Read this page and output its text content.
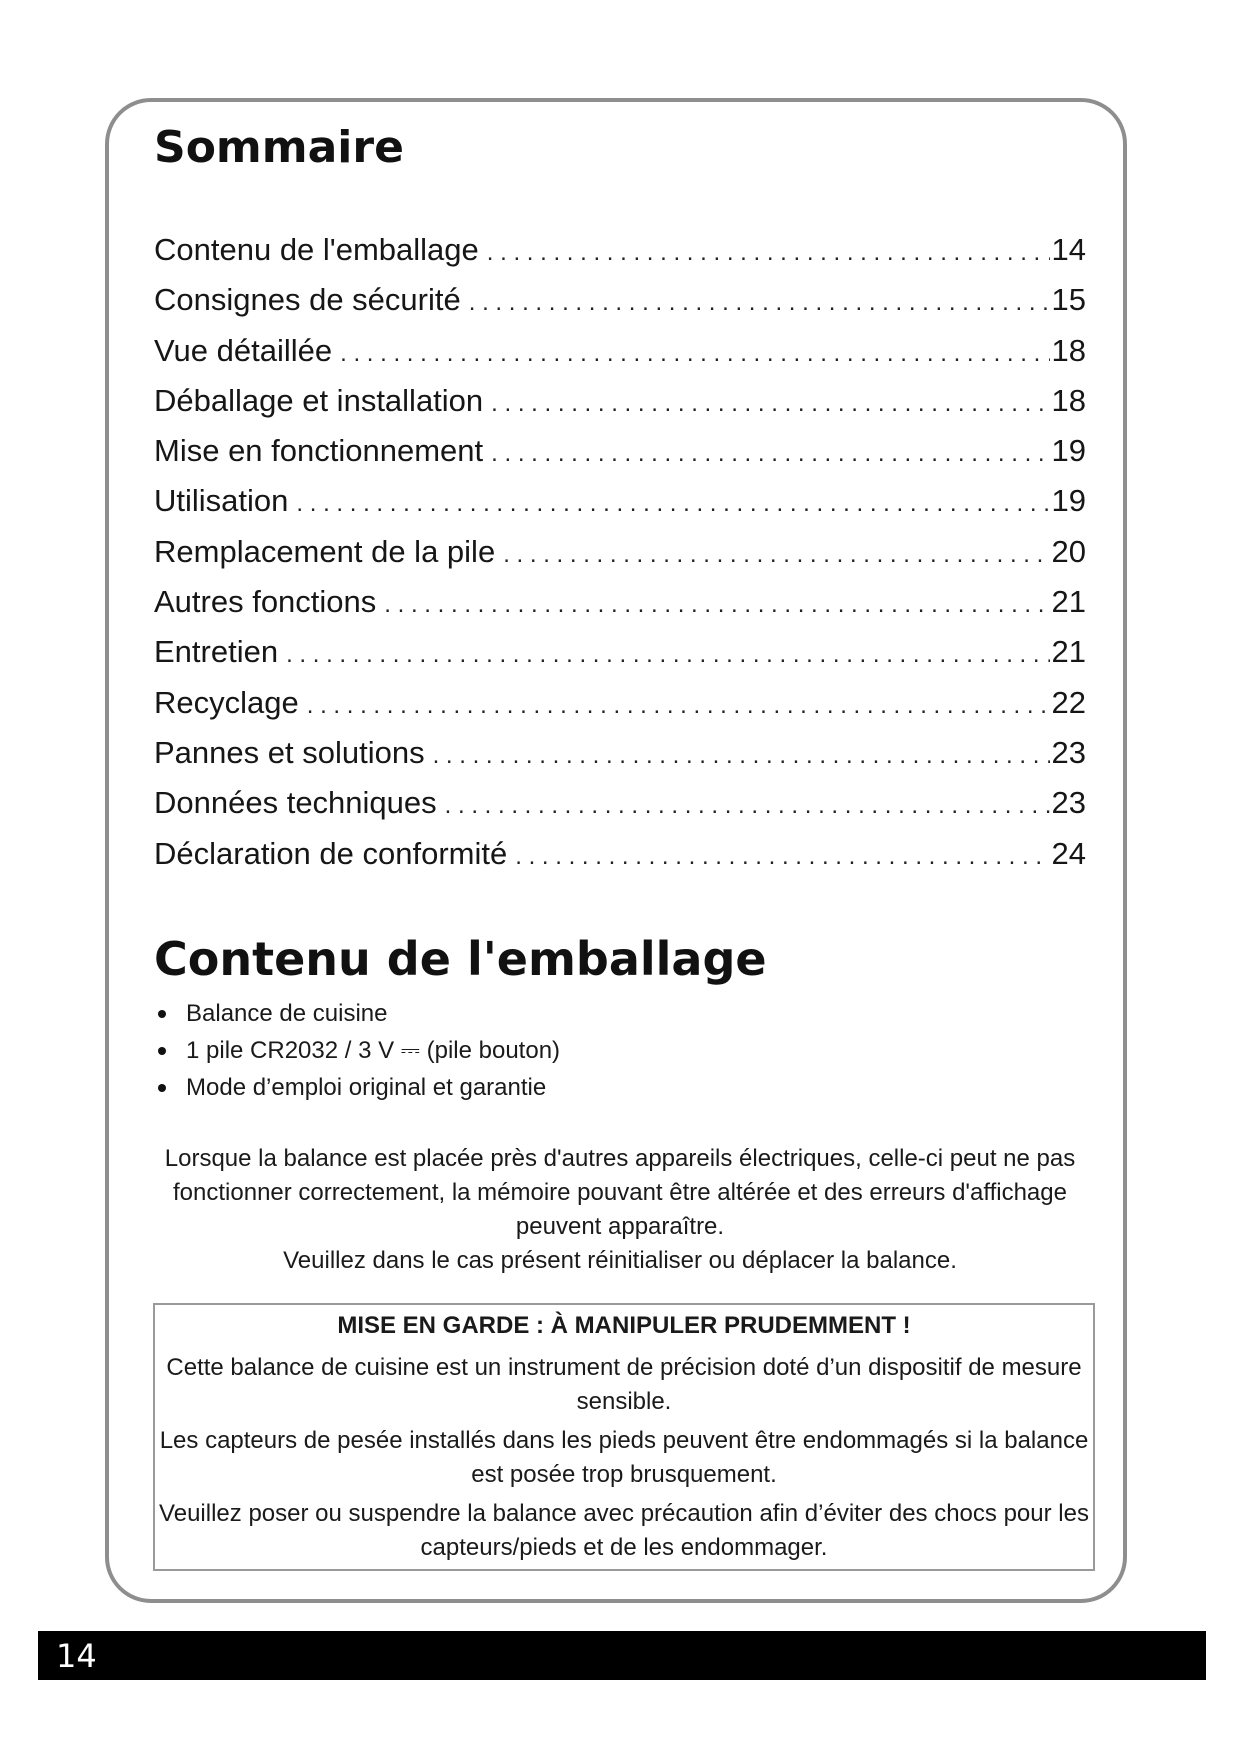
Sommaire
Contenu de l'emballage . . .	14
Consignes de sécurité . . .	15
Vue détaillée . . .	18
Déballage et installation . . .	18
Mise en fonctionnement . . .	19
Utilisation . . .	19
Remplacement de la pile . . .	20
Autres fonctions . . .	21
Entretien . . .	21
Recyclage . . .	22
Pannes et solutions . . .	23
Données techniques . . .	23
Déclaration de conformité . . .	24
Contenu de l'emballage
Balance de cuisine
1 pile CR2032 / 3 V ⎓ (pile bouton)
Mode d’emploi original et garantie

Lorsque la balance est placée près d'autres appareils électriques, celle-ci peut ne pas fonctionner correctement, la mémoire pouvant être altérée et des erreurs d'affichage peuvent apparaître.

Veuillez dans le cas présent réinitialiser ou déplacer la balance.

MISE EN GARDE : À MANIPULER PRUDEMMENT !

Cette balance de cuisine est un instrument de précision doté d’un dispositif de mesure sensible.

Les capteurs de pesée installés dans les pieds peuvent être endommagés si la balance est posée trop brusquement.

Veuillez poser ou suspendre la balance avec précaution afin d’éviter des chocs pour les capteurs/pieds et de les endommager.

14
